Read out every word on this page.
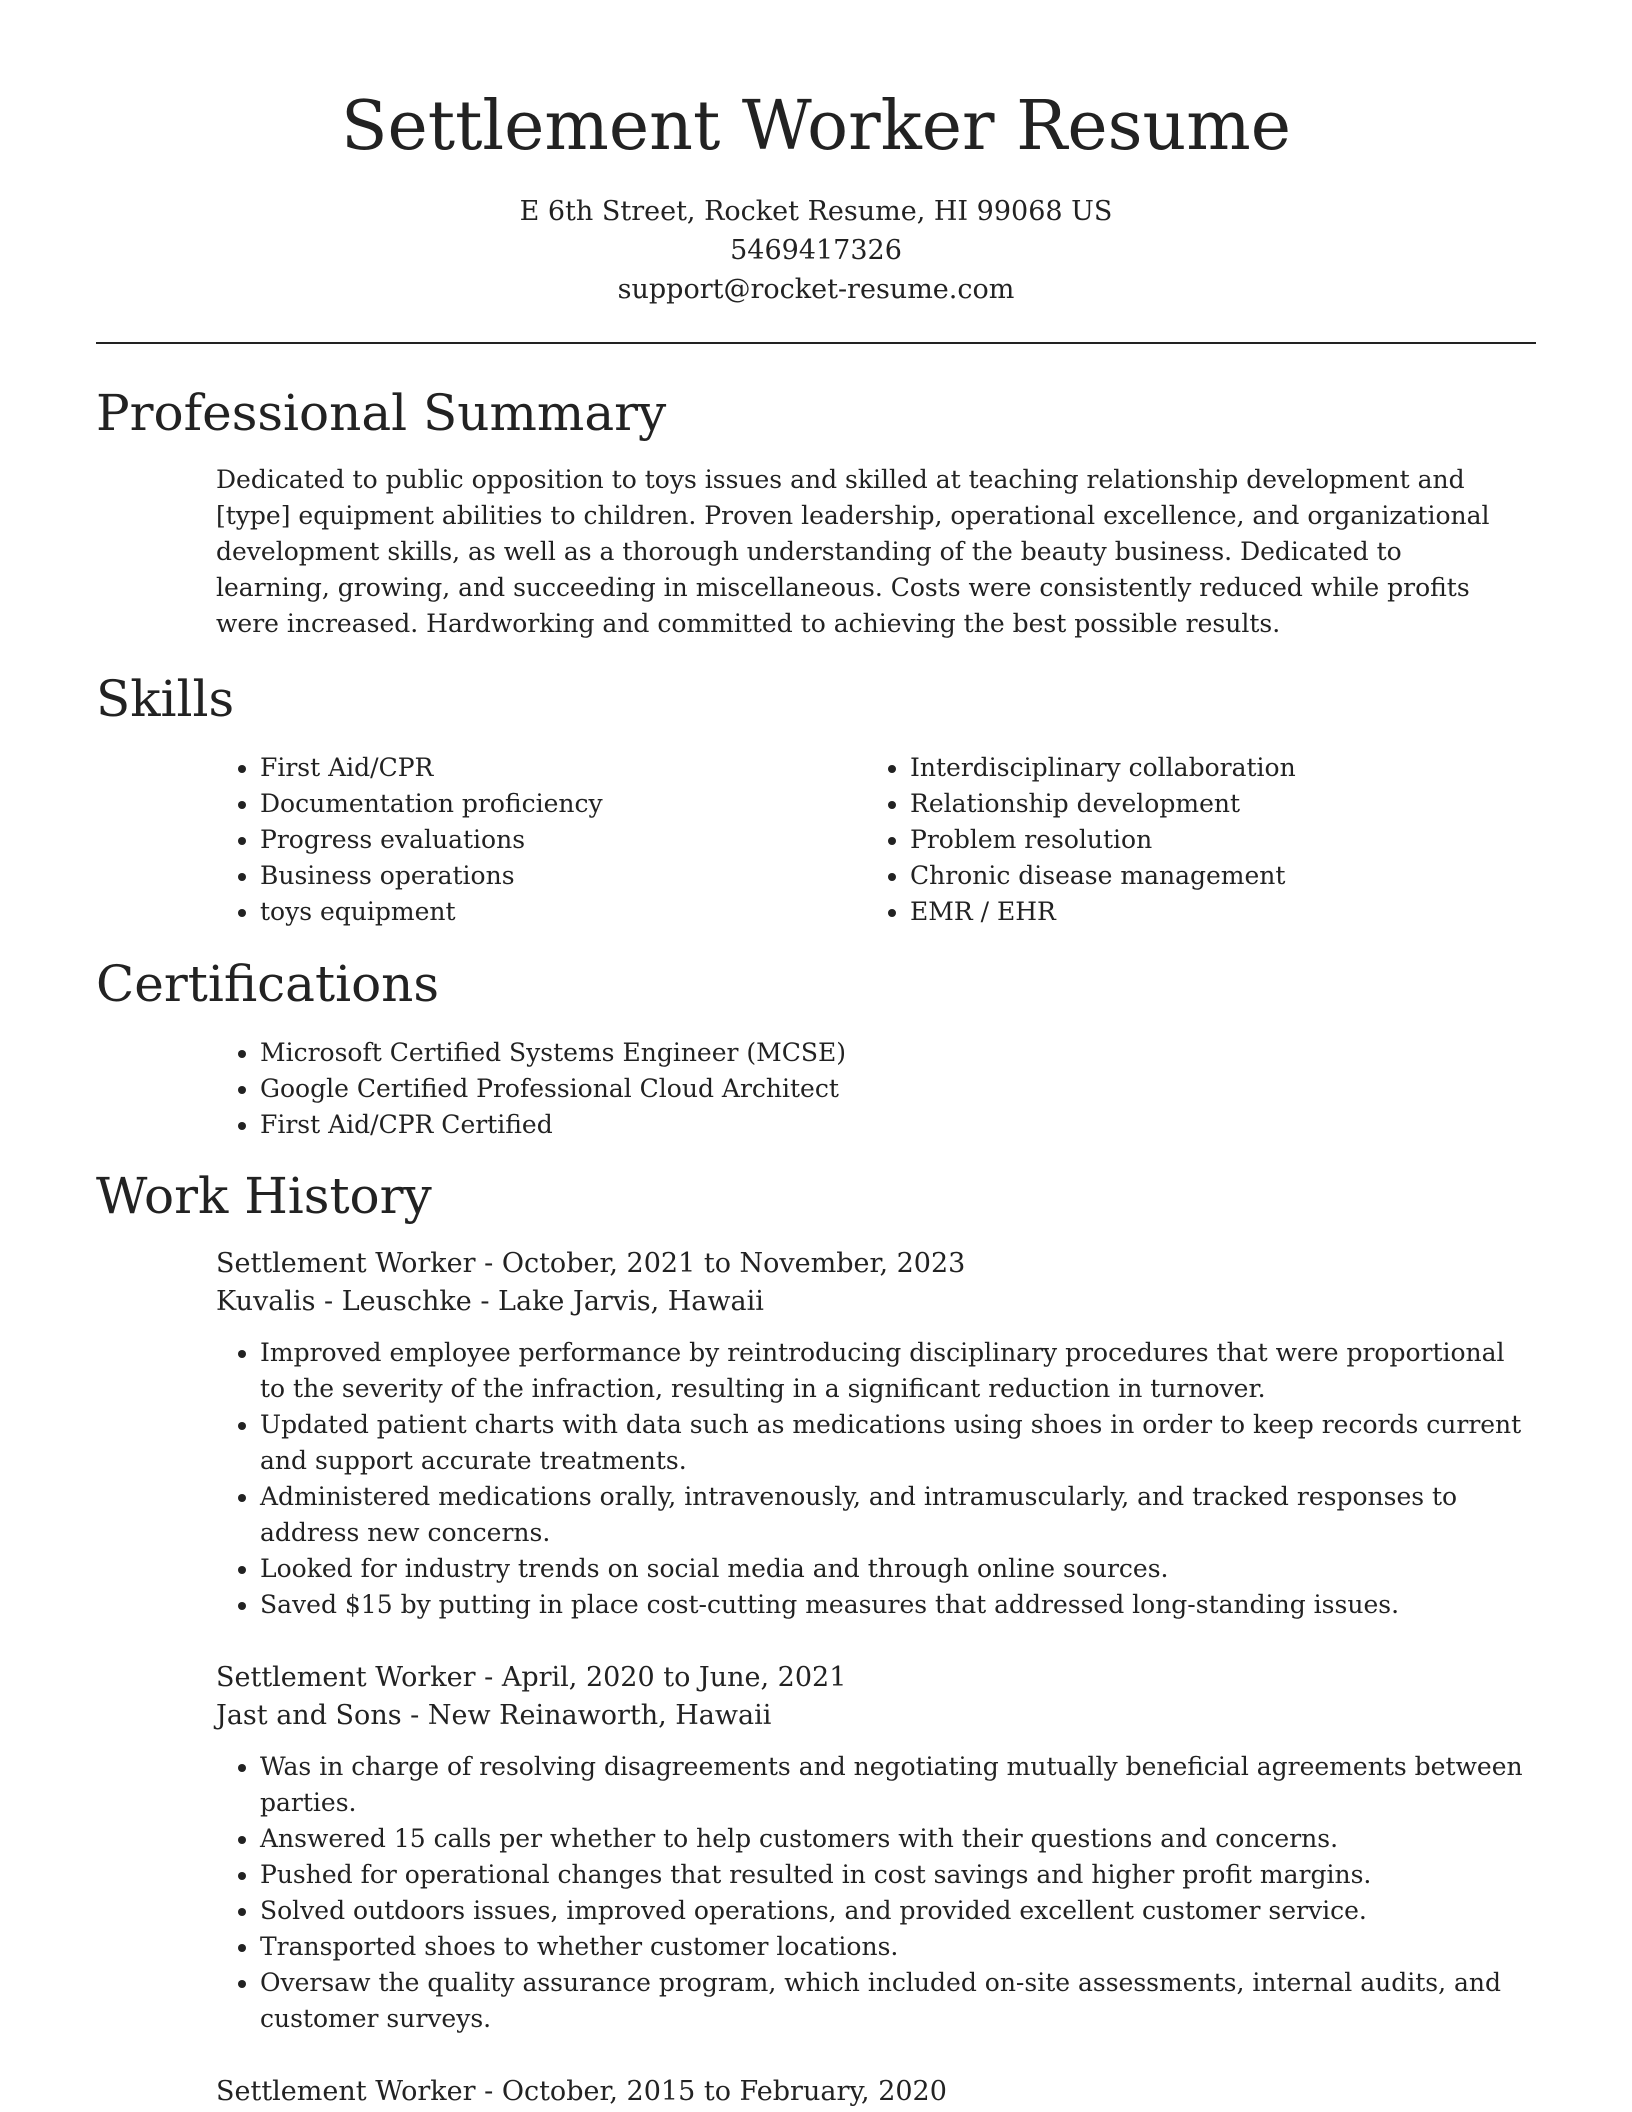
Settlement Worker Resume
E 6th Street, Rocket Resume, HI 99068 US
5469417326
support@rocket-resume.com
Professional Summary
Dedicated to public opposition to toys issues and skilled at teaching relationship development and [type] equipment abilities to children. Proven leadership, operational excellence, and organizational development skills, as well as a thorough understanding of the beauty business. Dedicated to learning, growing, and succeeding in miscellaneous. Costs were consistently reduced while profits were increased. Hardworking and committed to achieving the best possible results.
Skills
• First Aid/CPR
• Documentation proficiency
• Progress evaluations
• Business operations
• toys equipment
• Interdisciplinary collaboration
• Relationship development
• Problem resolution
• Chronic disease management
• EMR / EHR
Certifications
• Microsoft Certified Systems Engineer (MCSE)
• Google Certified Professional Cloud Architect
• First Aid/CPR Certified
Work History
Settlement Worker - October, 2021 to November, 2023
Kuvalis - Leuschke - Lake Jarvis, Hawaii
• Improved employee performance by reintroducing disciplinary procedures that were proportional to the severity of the infraction, resulting in a significant reduction in turnover.
• Updated patient charts with data such as medications using shoes in order to keep records current and support accurate treatments.
• Administered medications orally, intravenously, and intramuscularly, and tracked responses to address new concerns.
• Looked for industry trends on social media and through online sources.
• Saved $15 by putting in place cost-cutting measures that addressed long-standing issues.
Settlement Worker - April, 2020 to June, 2021
Jast and Sons - New Reinaworth, Hawaii
• Was in charge of resolving disagreements and negotiating mutually beneficial agreements between parties.
• Answered 15 calls per whether to help customers with their questions and concerns.
• Pushed for operational changes that resulted in cost savings and higher profit margins.
• Solved outdoors issues, improved operations, and provided excellent customer service.
• Transported shoes to whether customer locations.
• Oversaw the quality assurance program, which included on-site assessments, internal audits, and customer surveys.
Settlement Worker - October, 2015 to February, 2020
